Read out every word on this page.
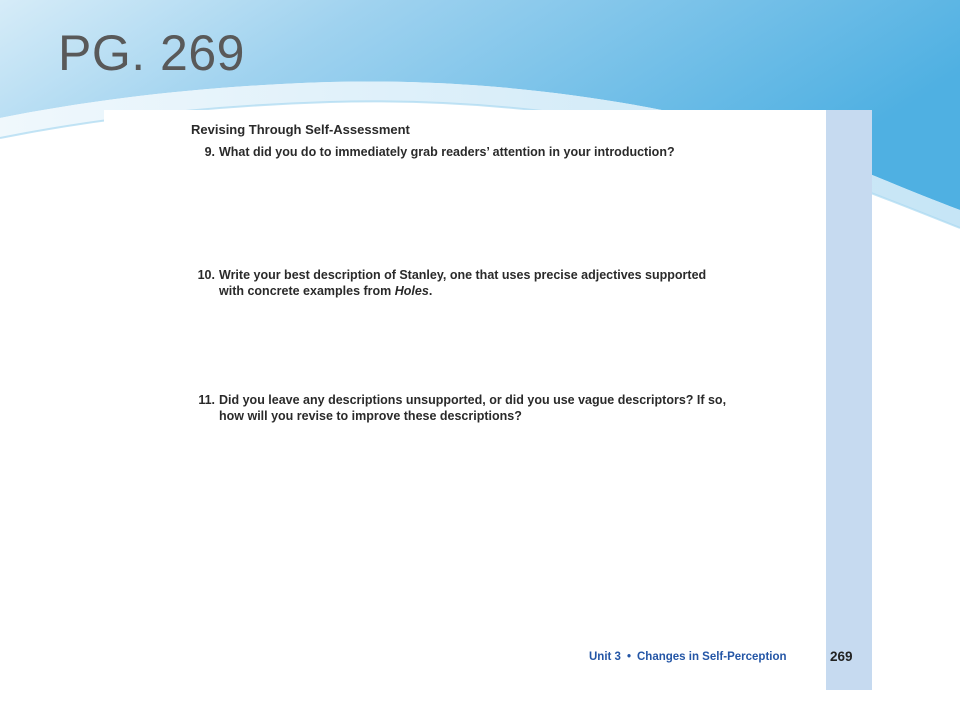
PG. 269
Revising Through Self-Assessment
9. What did you do to immediately grab readers’ attention in your introduction?
10. Write your best description of Stanley, one that uses precise adjectives supported with concrete examples from Holes.
11. Did you leave any descriptions unsupported, or did you use vague descriptors? If so, how will you revise to improve these descriptions?
Unit 3 • Changes in Self-Perception	269
